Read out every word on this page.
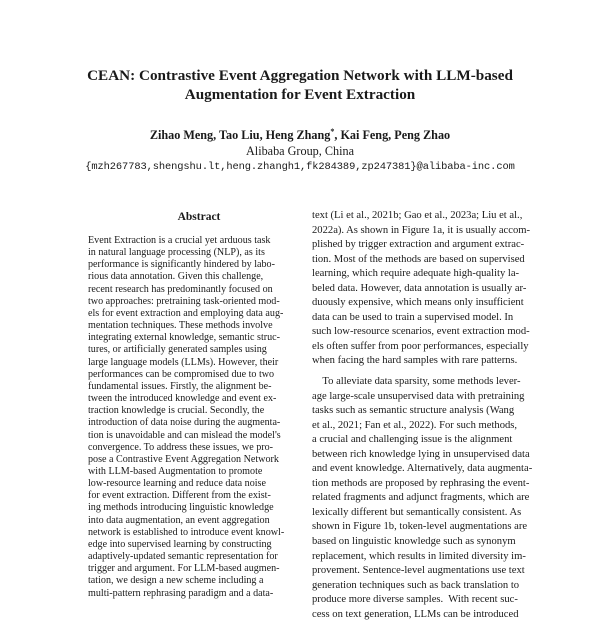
CEAN: Contrastive Event Aggregation Network with LLM-based
Augmentation for Event Extraction
Zihao Meng, Tao Liu, Heng Zhang*, Kai Feng, Peng Zhao
Alibaba Group, China
{mzh267783,shengshu.lt,heng.zhangh1,fk284389,zp247381}@alibaba-inc.com
Abstract
Event Extraction is a crucial yet arduous task
in natural language processing (NLP), as its
performance is significantly hindered by labo-
rious data annotation. Given this challenge,
recent research has predominantly focused on
two approaches: pretraining task-oriented mod-
els for event extraction and employing data aug-
mentation techniques. These methods involve
integrating external knowledge, semantic struc-
tures, or artificially generated samples using
large language models (LLMs). However, their
performances can be compromised due to two
fundamental issues. Firstly, the alignment be-
tween the introduced knowledge and event ex-
traction knowledge is crucial. Secondly, the
introduction of data noise during the augmenta-
tion is unavoidable and can mislead the model's
convergence. To address these issues, we pro-
pose a Contrastive Event Aggregation Network
with LLM-based Augmentation to promote
low-resource learning and reduce data noise
for event extraction. Different from the exist-
ing methods introducing linguistic knowledge
into data augmentation, an event aggregation
network is established to introduce event knowl-
edge into supervised learning by constructing
adaptively-updated semantic representation for
trigger and argument. For LLM-based augmen-
tation, we design a new scheme including a
multi-pattern rephrasing paradigm and a data-
text (Li et al., 2021b; Gao et al., 2023a; Liu et al.,
2022a). As shown in Figure 1a, it is usually accom-
plished by trigger extraction and argument extrac-
tion. Most of the methods are based on supervised
learning, which require adequate high-quality la-
beled data. However, data annotation is usually ar-
duously expensive, which means only insufficient
data can be used to train a supervised model. In
such low-resource scenarios, event extraction mod-
els often suffer from poor performances, especially
when facing the hard samples with rare patterns.
To alleviate data sparsity, some methods lever-
age large-scale unsupervised data with pretraining
tasks such as semantic structure analysis (Wang
et al., 2021; Fan et al., 2022). For such methods,
a crucial and challenging issue is the alignment
between rich knowledge lying in unsupervised data
and event knowledge. Alternatively, data augmenta-
tion methods are proposed by rephrasing the event-
related fragments and adjunct fragments, which are
lexically different but semantically consistent. As
shown in Figure 1b, token-level augmentations are
based on linguistic knowledge such as synonym
replacement, which results in limited diversity im-
provement. Sentence-level augmentations use text
generation techniques such as back translation to
produce more diverse samples.  With recent suc-
cess on text generation, LLMs can be introduced
